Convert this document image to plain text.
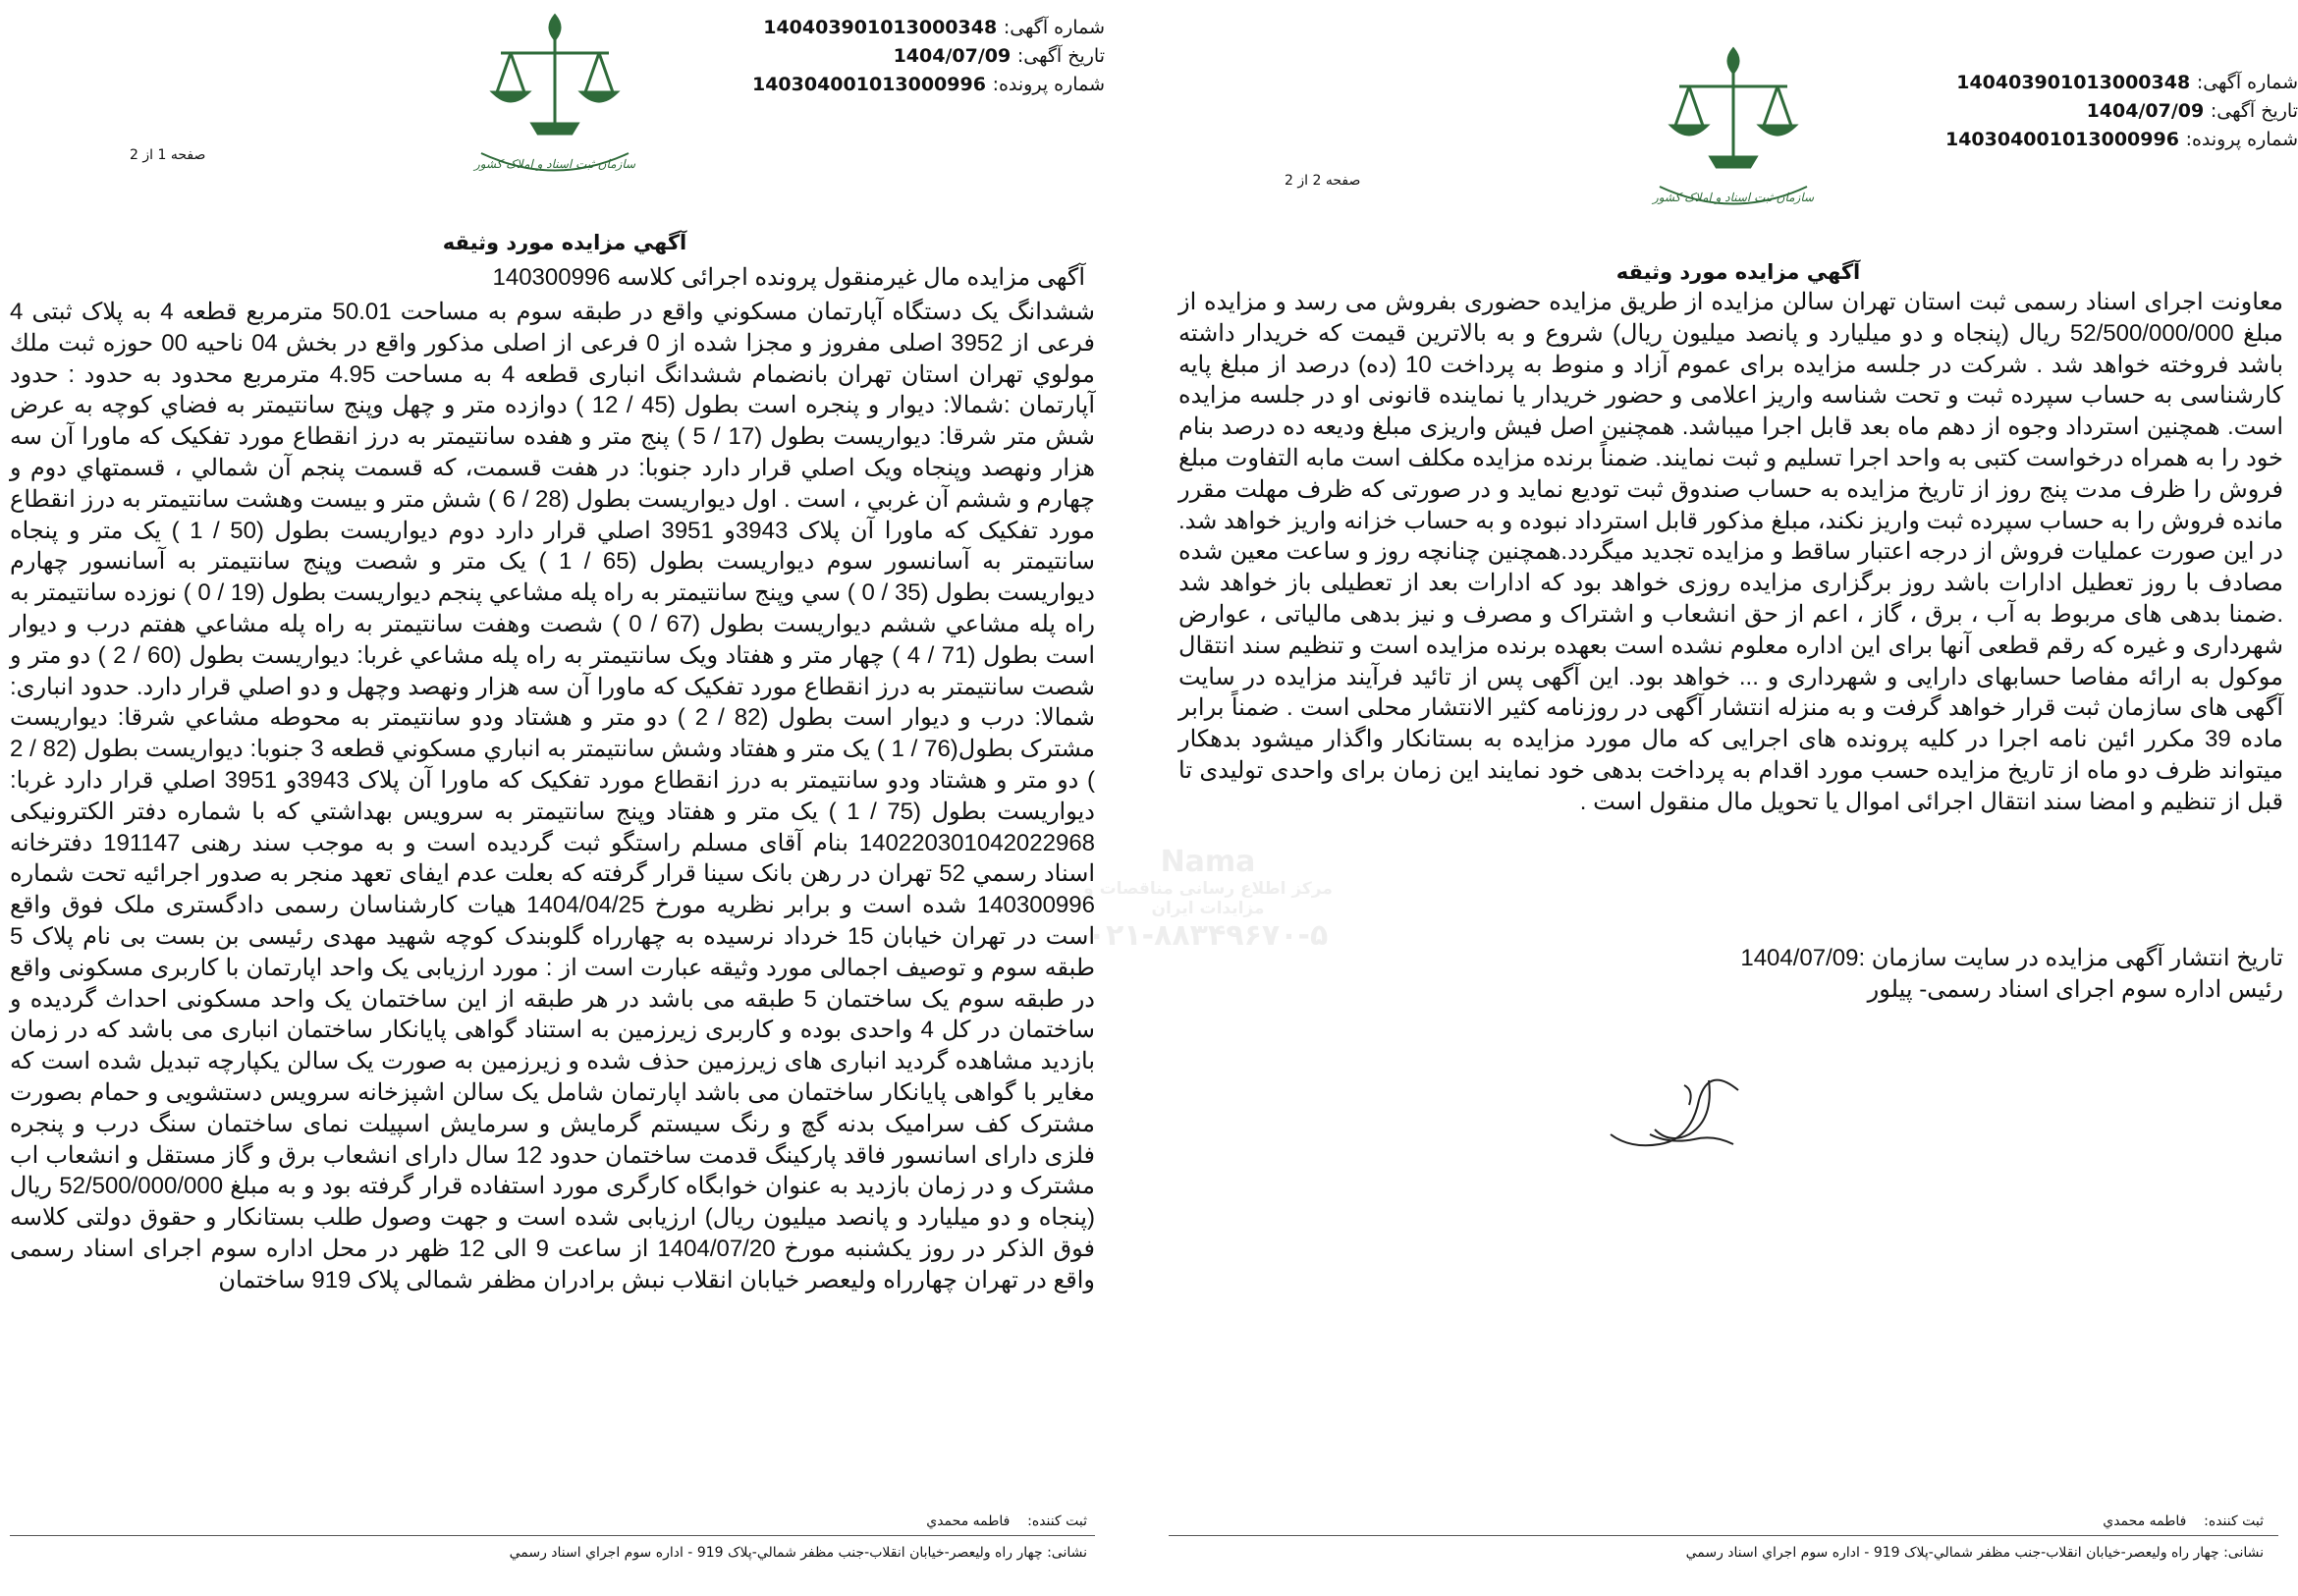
شماره آگهی: 140403901013000348
تاریخ آگهی: 1404/07/09
شماره پرونده: 140304001013000996
سازمان ثبت اسناد و املاک کشور
صفحه 1 از 2
آگهي مزايده مورد وثيقه
آگهی مزایده مال غیرمنقول پرونده اجرائی کلاسه 140300996

ششدانگ يک دستگاه آپارتمان مسكوني واقع در طبقه سوم به مساحت 50.01 مترمربع قطعه 4 به پلاک ثبتی 4 فرعی از 3952 اصلی مفروز و مجزا شده از 0 فرعی از اصلی مذکور واقع در بخش 04 ناحیه 00 حوزه ثبت ملك مولوي تهران استان تهران بانضمام ششدانگ انباری قطعه 4 به مساحت 4.95 مترمربع محدود به حدود : حدود آپارتمان :شمالا: ديوار و پنجره است بطول (45 / 12 ) دوازده متر و چهل وپنج سانتيمتر به فضاي كوچه به عرض شش متر شرقا: ديواريست بطول (17 / 5 ) پنج متر و هفده سانتيمتر به درز انقطاع مورد تفكيک كه ماورا آن سه هزار ونهصد وپنجاه ويک اصلي قرار دارد جنوبا: در هفت قسمت، كه قسمت پنجم آن شمالي ، قسمتهاي دوم و چهارم و ششم آن غربي ، است . اول ديواريست بطول (28 / 6 ) شش متر و بيست وهشت سانتيمتر به درز انقطاع مورد تفكيک كه ماورا آن پلاک 3943و 3951 اصلي قرار دارد دوم ديواريست بطول (50 / 1 ) يک متر و پنجاه سانتيمتر به آسانسور سوم ديواريست بطول (65 / 1 ) يک متر و شصت وپنج سانتيمتر به آسانسور چهارم ديواريست بطول (35 / 0 ) سي وپنج سانتيمتر به راه پله مشاعي پنجم ديواريست بطول (19 / 0 ) نوزده سانتيمتر به راه پله مشاعي ششم ديواريست بطول (67 / 0 ) شصت وهفت سانتيمتر به راه پله مشاعي هفتم درب و ديوار است بطول (71 / 4 ) چهار متر و هفتاد ويک سانتيمتر به راه پله مشاعي غربا: ديواريست بطول (60 / 2 ) دو متر و شصت سانتيمتر به درز انقطاع مورد تفكيک كه ماورا آن سه هزار ونهصد وچهل و دو اصلي قرار دارد. حدود انباری: شمالا: درب و ديوار است بطول (82 / 2 ) دو متر و هشتاد ودو سانتيمتر به محوطه مشاعي شرقا: ديواريست مشترک بطول(76 / 1 ) يک متر و هفتاد وشش سانتيمتر به انباري مسكوني قطعه 3 جنوبا: ديواريست بطول (82 / 2 ) دو متر و هشتاد ودو سانتيمتر به درز انقطاع مورد تفكيک كه ماورا آن پلاک 3943و 3951 اصلي قرار دارد غربا: ديواريست بطول (75 / 1 ) يک متر و هفتاد وپنج سانتيمتر به سرويس بهداشتي كه با شماره دفتر الکترونیکی 140220301042022968 بنام آقای مسلم راستگو ثبت گرديده است و به موجب سند رهنی 191147 دفترخانه اسناد رسمي 52 تهران در رهن بانک سینا قرار گرفته که بعلت عدم ایفای تعهد منجر به صدور اجرائیه تحت شماره 140300996 شده است و برابر نظریه مورخ 1404/04/25 هیات کارشناسان رسمی دادگستری ملک فوق واقع است در تهران خیابان 15 خرداد نرسیده به چهارراه گلوبندک کوچه شهید مهدی رئیسی بن بست بی نام پلاک 5 طبقه سوم و توصیف اجمالی مورد وثیقه عبارت است از : مورد ارزیابی یک واحد اپارتمان با کاربری مسکونی واقع در طبقه سوم یک ساختمان 5 طبقه می باشد در هر طبقه از این ساختمان یک واحد مسکونی احداث گردیده و ساختمان در کل 4 واحدی بوده و کاربری زیرزمین به استناد گواهی پایانکار ساختمان انباری می باشد که در زمان بازدید مشاهده گردید انباری های زیرزمین حذف شده و زیرزمین به صورت یک سالن یکپارچه تبدیل شده است که مغایر با گواهی پایانکار ساختمان می باشد اپارتمان شامل یک سالن اشپزخانه سرویس دستشویی و حمام بصورت مشترک کف سرامیک بدنه گچ و رنگ سیستم گرمایش و سرمایش اسپیلت نمای ساختمان سنگ درب و پنجره فلزی دارای اسانسور فاقد پارکینگ قدمت ساختمان حدود 12 سال دارای انشعاب برق و گاز مستقل و انشعاب اب مشترک و در زمان بازدید به عنوان خوابگاه کارگری مورد استفاده قرار گرفته بود و به مبلغ 52/500/000/000 ریال (پنجاه و دو میلیارد و پانصد میلیون ریال) ارزیابی شده است و جهت وصول طلب بستانکار و حقوق دولتی کلاسه فوق الذکر در روز یکشنبه مورخ 1404/07/20 از ساعت 9 الی 12 ظهر در محل اداره سوم اجرای اسناد رسمی واقع در تهران چهارراه ولیعصر خیابان انقلاب نبش برادران مظفر شمالی پلاک 919 ساختمان

ثبت کننده:    فاطمه محمدي
نشانی: چهار راه وليعصر-خيابان انقلاب-جنب مظفر شمالي-پلاک 919 - اداره سوم اجراي اسناد رسمي
شماره آگهی: 140403901013000348
تاریخ آگهی: 1404/07/09
شماره پرونده: 140304001013000996
سازمان ثبت اسناد و املاک کشور
صفحه 2 از 2
آگهي مزايده مورد وثيقه

معاونت اجرای اسناد رسمی ثبت استان تهران سالن مزایده از طریق مزایده حضوری بفروش می رسد و مزایده از مبلغ 52/500/000/000 ریال (پنجاه و دو میلیارد و پانصد میلیون ریال) شروع و به بالاترین قیمت که خریدار داشته باشد فروخته خواهد شد . شرکت در جلسه مزایده برای عموم آزاد و منوط به پرداخت 10 (ده) درصد از مبلغ پایه کارشناسی به حساب سپرده ثبت و تحت شناسه واریز اعلامی و حضور خریدار یا نماینده قانونی او در جلسه مزایده است. همچنین استرداد وجوه از دهم ماه بعد قابل اجرا میباشد. همچنین اصل فیش واریزی مبلغ ودیعه ده درصد بنام خود را به همراه درخواست کتبی به واحد اجرا تسلیم و ثبت نمایند. ضمناً برنده مزایده مکلف است مابه التفاوت مبلغ فروش را ظرف مدت پنج روز از تاریخ مزایده به حساب صندوق ثبت تودیع نماید و در صورتی که ظرف مهلت مقرر مانده فروش را به حساب سپرده ثبت واریز نکند، مبلغ مذکور قابل استرداد نبوده و به حساب خزانه واریز خواهد شد. در این صورت عملیات فروش از درجه اعتبار ساقط و مزایده تجدید میگردد.همچنین چنانچه روز و ساعت معین شده مصادف با روز تعطیل ادارات باشد روز برگزاری مزایده روزی خواهد بود که ادارات بعد از تعطیلی باز خواهد شد .ضمنا بدهی های مربوط به آب ، برق ، گاز ، اعم از حق انشعاب و اشتراک و مصرف و نیز بدهی مالیاتی ، عوارض شهرداری و غیره که رقم قطعی آنها برای این اداره معلوم نشده است بعهده برنده مزایده است و تنظیم سند انتقال موکول به ارائه مفاصا حسابهای دارایی و شهرداری و ... خواهد بود. این آگهی پس از تائید فرآیند مزایده در سایت آگهی های سازمان ثبت قرار خواهد گرفت و به منزله انتشار آگهی در روزنامه کثیر الانتشار محلی است . ضمناً برابر ماده 39 مکرر ائین نامه اجرا در کلیه پرونده های اجرایی که مال مورد مزایده به بستانکار واگذار میشود بدهکار میتواند ظرف دو ماه از تاریخ مزایده حسب مورد اقدام به پرداخت بدهی خود نمایند این زمان برای واحدی تولیدی تا قبل از تنظیم و امضا سند انتقال اجرائی اموال یا تحویل مال منقول است .

تاریخ انتشار آگهی مزایده در سایت سازمان :1404/07/09
رئیس اداره سوم اجرای اسناد رسمی- پیلور
ثبت کننده:    فاطمه محمدي
نشانی: چهار راه وليعصر-خيابان انقلاب-جنب مظفر شمالي-پلاک 919 - اداره سوم اجراي اسناد رسمي
Nama
مرکز اطلاع رسانی مناقصات و مزایدات ایران
۰۲۱-۸۸۳۴۹۶۷۰-۵
